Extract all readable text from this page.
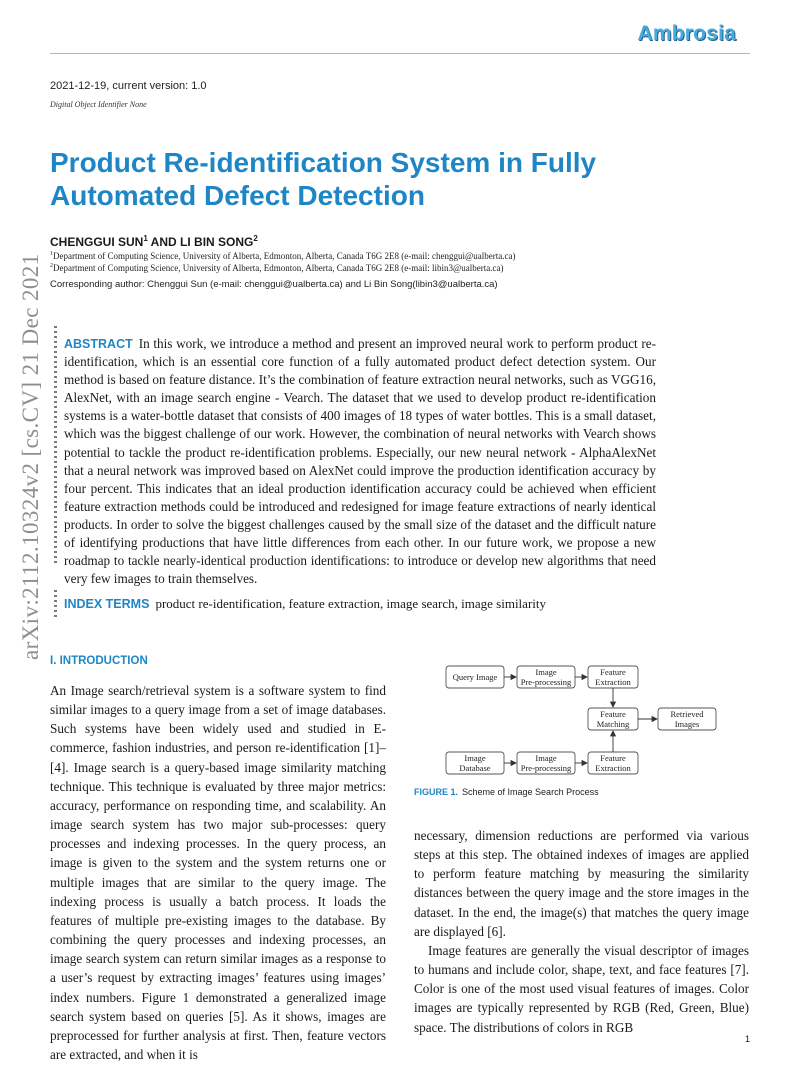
Ambrosia
2021-12-19, current version: 1.0
Digital Object Identifier None
arXiv:2112.10324v2 [cs.CV] 21 Dec 2021
Product Re-identification System in Fully Automated Defect Detection
CHENGGUI SUN$^1$ AND LI BIN SONG$^2$
$^1$Department of Computing Science, University of Alberta, Edmonton, Alberta, Canada T6G 2E8 (e-mail: chenggui@ualberta.ca)
$^2$Department of Computing Science, University of Alberta, Edmonton, Alberta, Canada T6G 2E8 (e-mail: libin3@ualberta.ca)
Corresponding author: Chenggui Sun (e-mail: chenggui@ualberta.ca) and Li Bin Song(libin3@ualberta.ca)
ABSTRACT In this work, we introduce a method and present an improved neural work to perform product re-identification, which is an essential core function of a fully automated product defect detection system. Our method is based on feature distance. It’s the combination of feature extraction neural networks, such as VGG16, AlexNet, with an image search engine - Vearch. The dataset that we used to develop product re-identification systems is a water-bottle dataset that consists of 400 images of 18 types of water bottles. This is a small dataset, which was the biggest challenge of our work. However, the combination of neural networks with Vearch shows potential to tackle the product re-identification problems. Especially, our new neural network - AlphaAlexNet that a neural network was improved based on AlexNet could improve the production identification accuracy by four percent. This indicates that an ideal production identification accuracy could be achieved when efficient feature extraction methods could be introduced and redesigned for image feature extractions of nearly identical products. In order to solve the biggest challenges caused by the small size of the dataset and the difficult nature of identifying productions that have little differences from each other. In our future work, we propose a new roadmap to tackle nearly-identical production identifications: to introduce or develop new algorithms that need very few images to train themselves.
INDEX TERMS product re-identification, feature extraction, image search, image similarity
I. INTRODUCTION
An Image search/retrieval system is a software system to find similar images to a query image from a set of image databases. Such systems have been widely used and studied in E-commerce, fashion industries, and person re-identification [1]–[4]. Image search is a query-based image similarity matching technique. This technique is evaluated by three major metrics: accuracy, performance on responding time, and scalability. An image search system has two major sub-processes: query processes and indexing processes. In the query process, an image is given to the system and the system returns one or multiple images that are similar to the query image. The indexing process is usually a batch process. It loads the features of multiple pre-existing images to the database. By combining the query processes and indexing processes, an image search system can return similar images as a response to a user’s request by extracting images’ features using images’ index numbers. Figure 1 demonstrated a generalized image search system based on queries [5]. As it shows, images are preprocessed for further analysis at first. Then, feature vectors are extracted, and when it is
Query Image	Image
Pre-processing
Feature
Extraction
Feature
Matching
Retrieved
Images
Image
Database
Image
Pre-processing
Feature
Extraction
FIGURE 1. Scheme of Image Search Process

necessary, dimension reductions are performed via various steps at this step. The obtained indexes of images are applied to perform feature matching by measuring the similarity distances between the query image and the store images in the dataset. In the end, the image(s) that matches the query image are displayed [6].

Image features are generally the visual descriptor of images to humans and include color, shape, text, and face features [7]. Color is one of the most used visual features of images. Color images are typically represented by RGB (Red, Green, Blue) space. The distributions of colors in RGB

1
